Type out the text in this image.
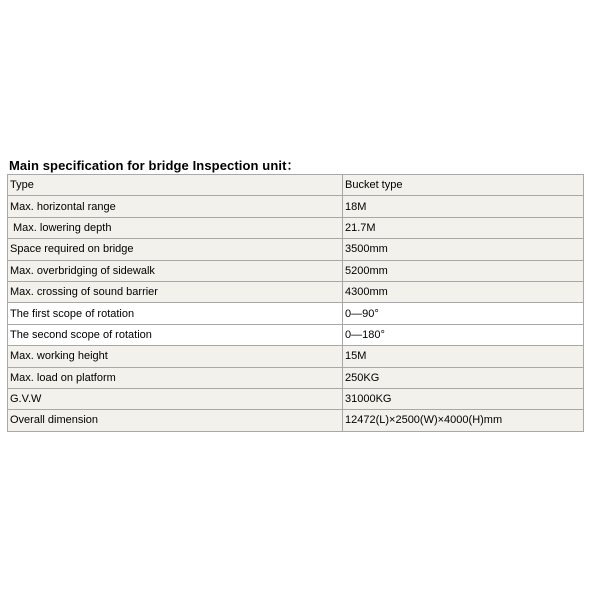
Main specification for bridge Inspection unit：
Type	Bucket type
Max. horizontal range	18M
Max. lowering depth	21.7M
Space required on bridge	3500mm
Max. overbridging of sidewalk	5200mm
Max. crossing of sound barrier	4300mm
The first scope of rotation	0—90°
The second scope of rotation	0—180°
Max. working height	15M
Max. load on platform	250KG
G.V.W	31000KG
Overall dimension	12472(L)×2500(W)×4000(H)mm
